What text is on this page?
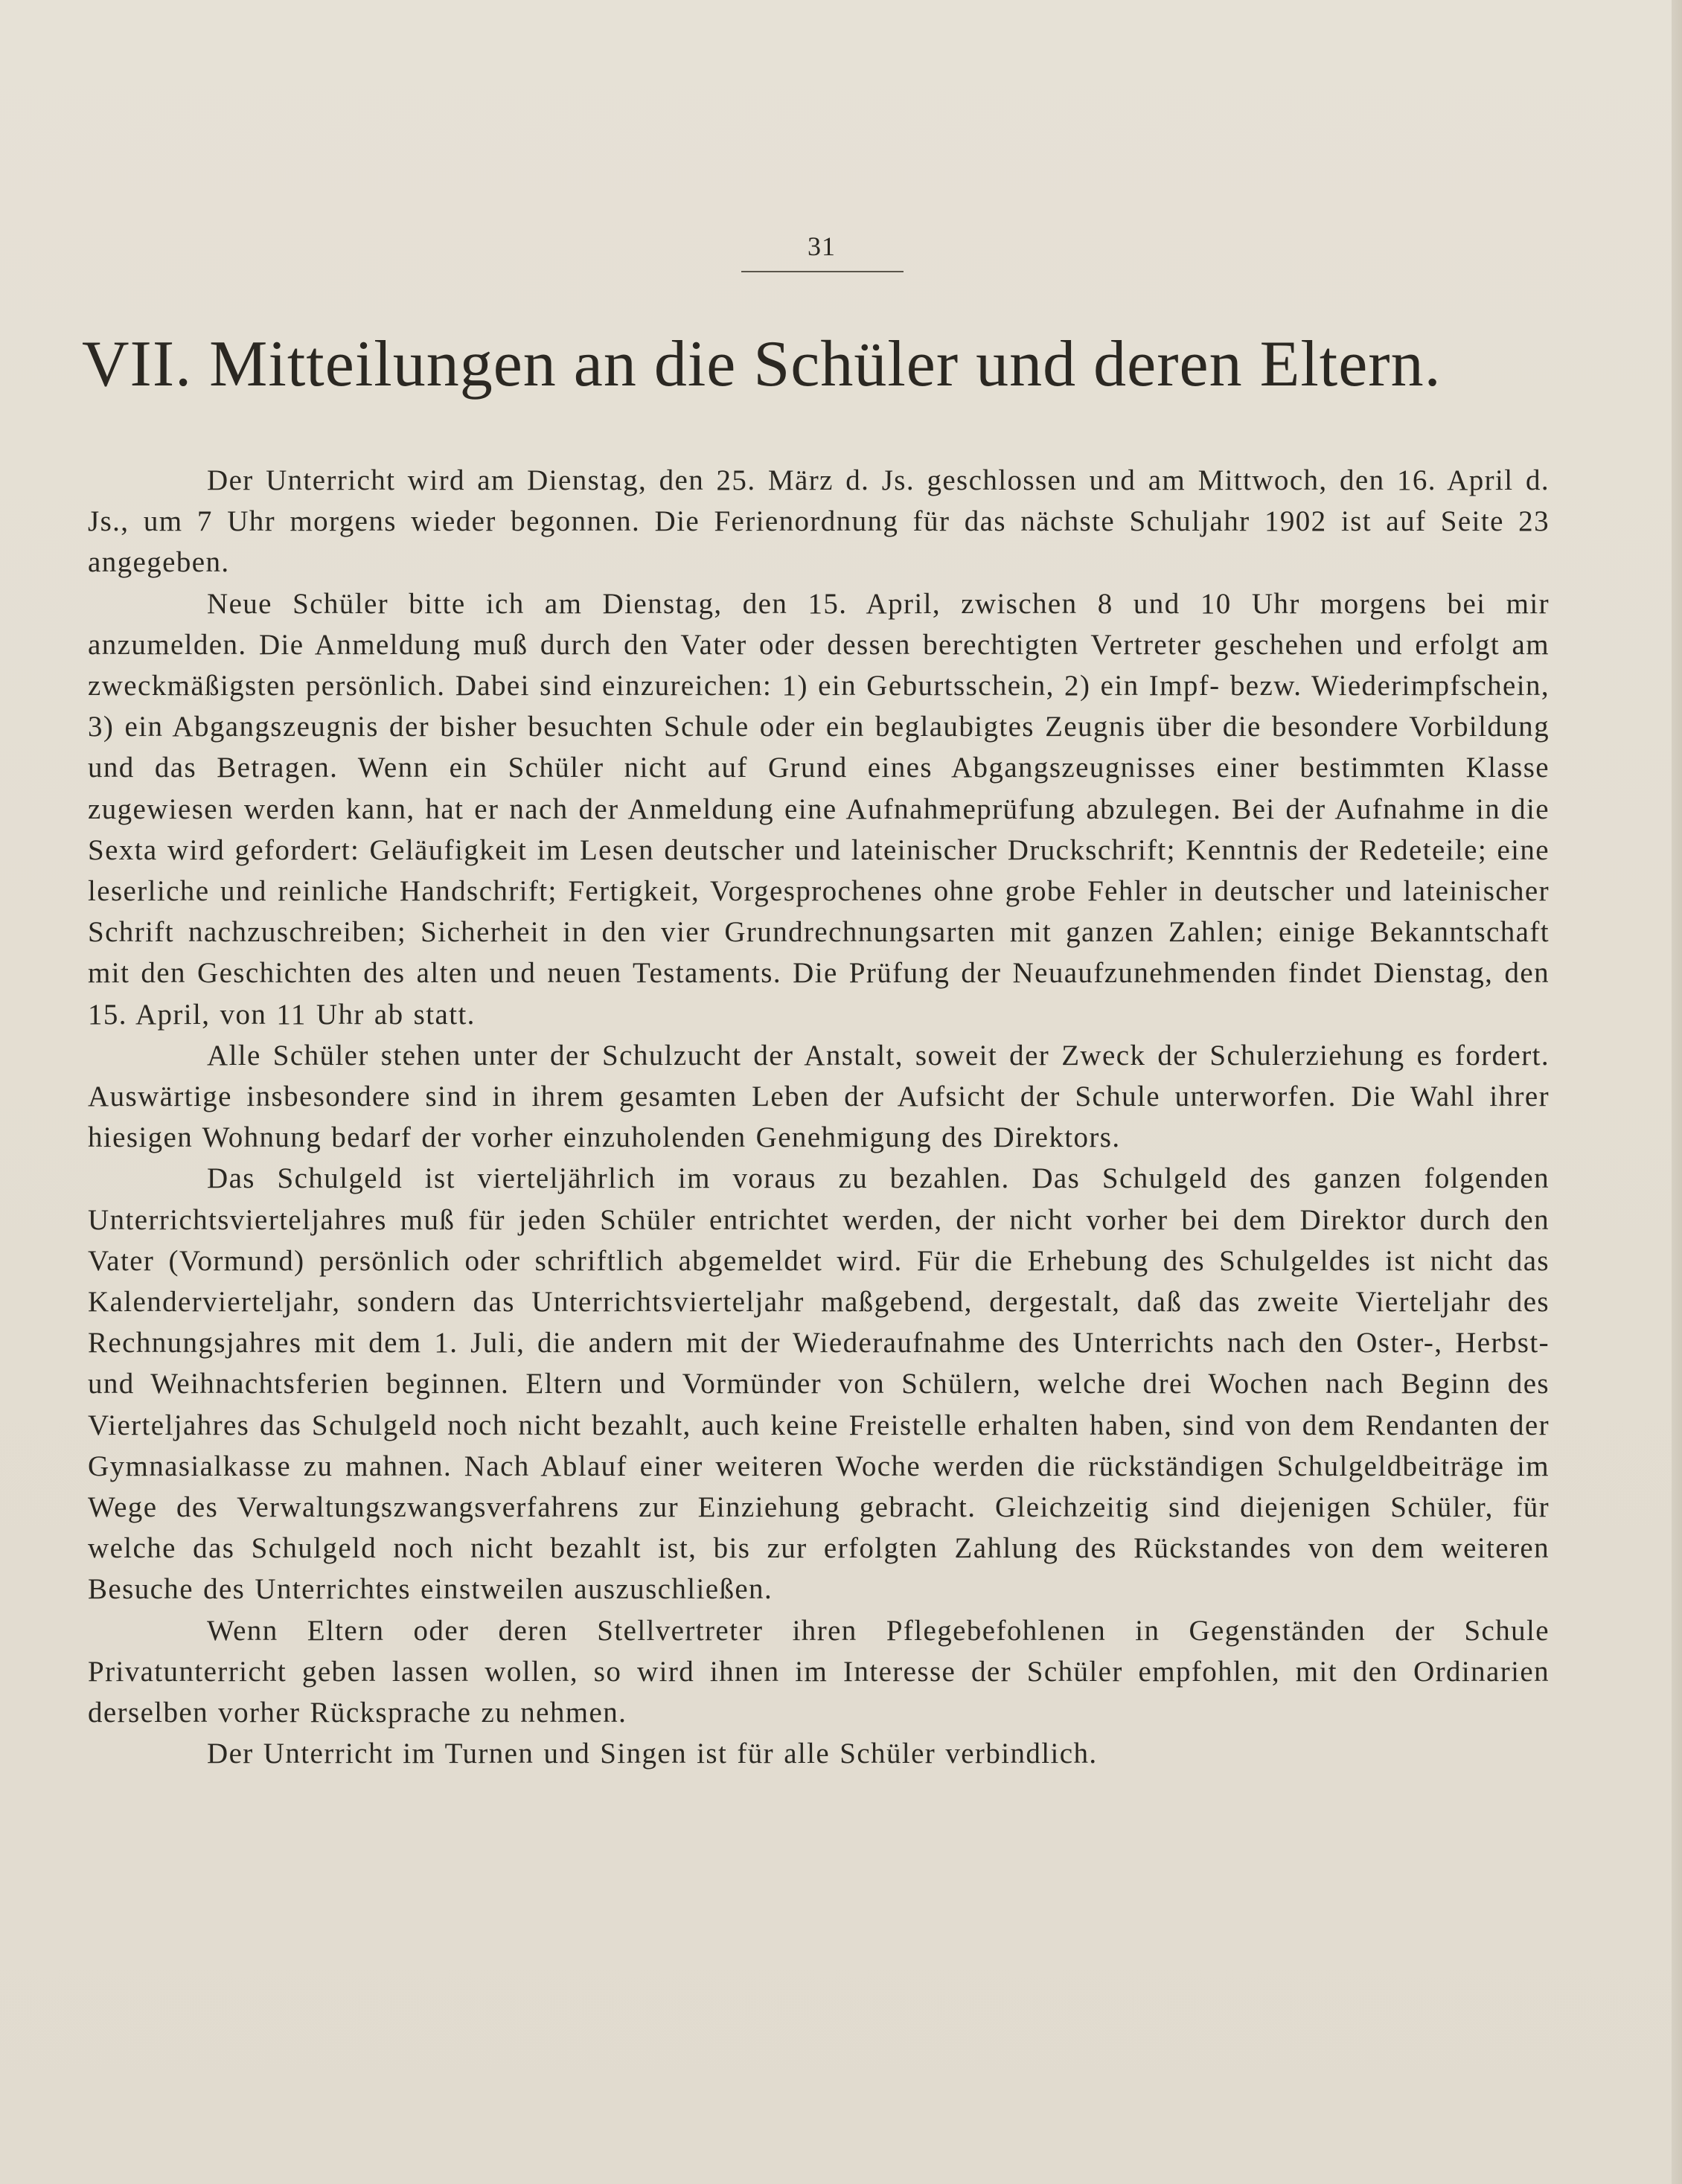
31
VII. Mitteilungen an die Schüler und deren Eltern.

Der Unterricht wird am Dienstag, den 25. März d. Js. geschlossen und am Mittwoch, den 16. April d. Js., um 7 Uhr morgens wieder begonnen. Die Ferienordnung für das nächste Schuljahr 1902 ist auf Seite 23 angegeben.

Neue Schüler bitte ich am Dienstag, den 15. April, zwischen 8 und 10 Uhr morgens bei mir anzumelden. Die Anmeldung muß durch den Vater oder dessen berechtigten Vertreter geschehen und erfolgt am zweckmäßigsten persönlich. Dabei sind einzureichen: 1) ein Geburtsschein, 2) ein Impf- bezw. Wiederimpfschein, 3) ein Abgangszeugnis der bisher besuchten Schule oder ein beglaubigtes Zeugnis über die besondere Vorbildung und das Betragen. Wenn ein Schüler nicht auf Grund eines Abgangszeugnisses einer bestimmten Klasse zugewiesen werden kann, hat er nach der Anmeldung eine Aufnahmeprüfung abzulegen. Bei der Aufnahme in die Sexta wird gefordert: Geläufigkeit im Lesen deutscher und lateinischer Druckschrift; Kenntnis der Redeteile; eine leserliche und reinliche Handschrift; Fertigkeit, Vorgesprochenes ohne grobe Fehler in deutscher und lateinischer Schrift nachzuschreiben; Sicherheit in den vier Grundrechnungsarten mit ganzen Zahlen; einige Bekanntschaft mit den Geschichten des alten und neuen Testaments. Die Prüfung der Neuaufzunehmenden findet Dienstag, den 15. April, von 11 Uhr ab statt.

Alle Schüler stehen unter der Schulzucht der Anstalt, soweit der Zweck der Schulerziehung es fordert. Auswärtige insbesondere sind in ihrem gesamten Leben der Aufsicht der Schule unterworfen. Die Wahl ihrer hiesigen Wohnung bedarf der vorher einzuholenden Genehmigung des Direktors.

Das Schulgeld ist vierteljährlich im voraus zu bezahlen. Das Schulgeld des ganzen folgenden Unterrichtsvierteljahres muß für jeden Schüler entrichtet werden, der nicht vorher bei dem Direktor durch den Vater (Vormund) persönlich oder schriftlich abgemeldet wird. Für die Erhebung des Schulgeldes ist nicht das Kalendervierteljahr, sondern das Unterrichtsvierteljahr maßgebend, dergestalt, daß das zweite Vierteljahr des Rechnungsjahres mit dem 1. Juli, die andern mit der Wiederaufnahme des Unterrichts nach den Oster-, Herbst- und Weihnachtsferien beginnen. Eltern und Vormünder von Schülern, welche drei Wochen nach Beginn des Vierteljahres das Schulgeld noch nicht bezahlt, auch keine Freistelle erhalten haben, sind von dem Rendanten der Gymnasialkasse zu mahnen. Nach Ablauf einer weiteren Woche werden die rückständigen Schulgeldbeiträge im Wege des Verwaltungszwangsverfahrens zur Einziehung gebracht. Gleichzeitig sind diejenigen Schüler, für welche das Schulgeld noch nicht bezahlt ist, bis zur erfolgten Zahlung des Rückstandes von dem weiteren Besuche des Unterrichtes einstweilen auszuschließen.

Wenn Eltern oder deren Stellvertreter ihren Pflegebefohlenen in Gegenständen der Schule Privatunterricht geben lassen wollen, so wird ihnen im Interesse der Schüler empfohlen, mit den Ordinarien derselben vorher Rücksprache zu nehmen.

Der Unterricht im Turnen und Singen ist für alle Schüler verbindlich.
